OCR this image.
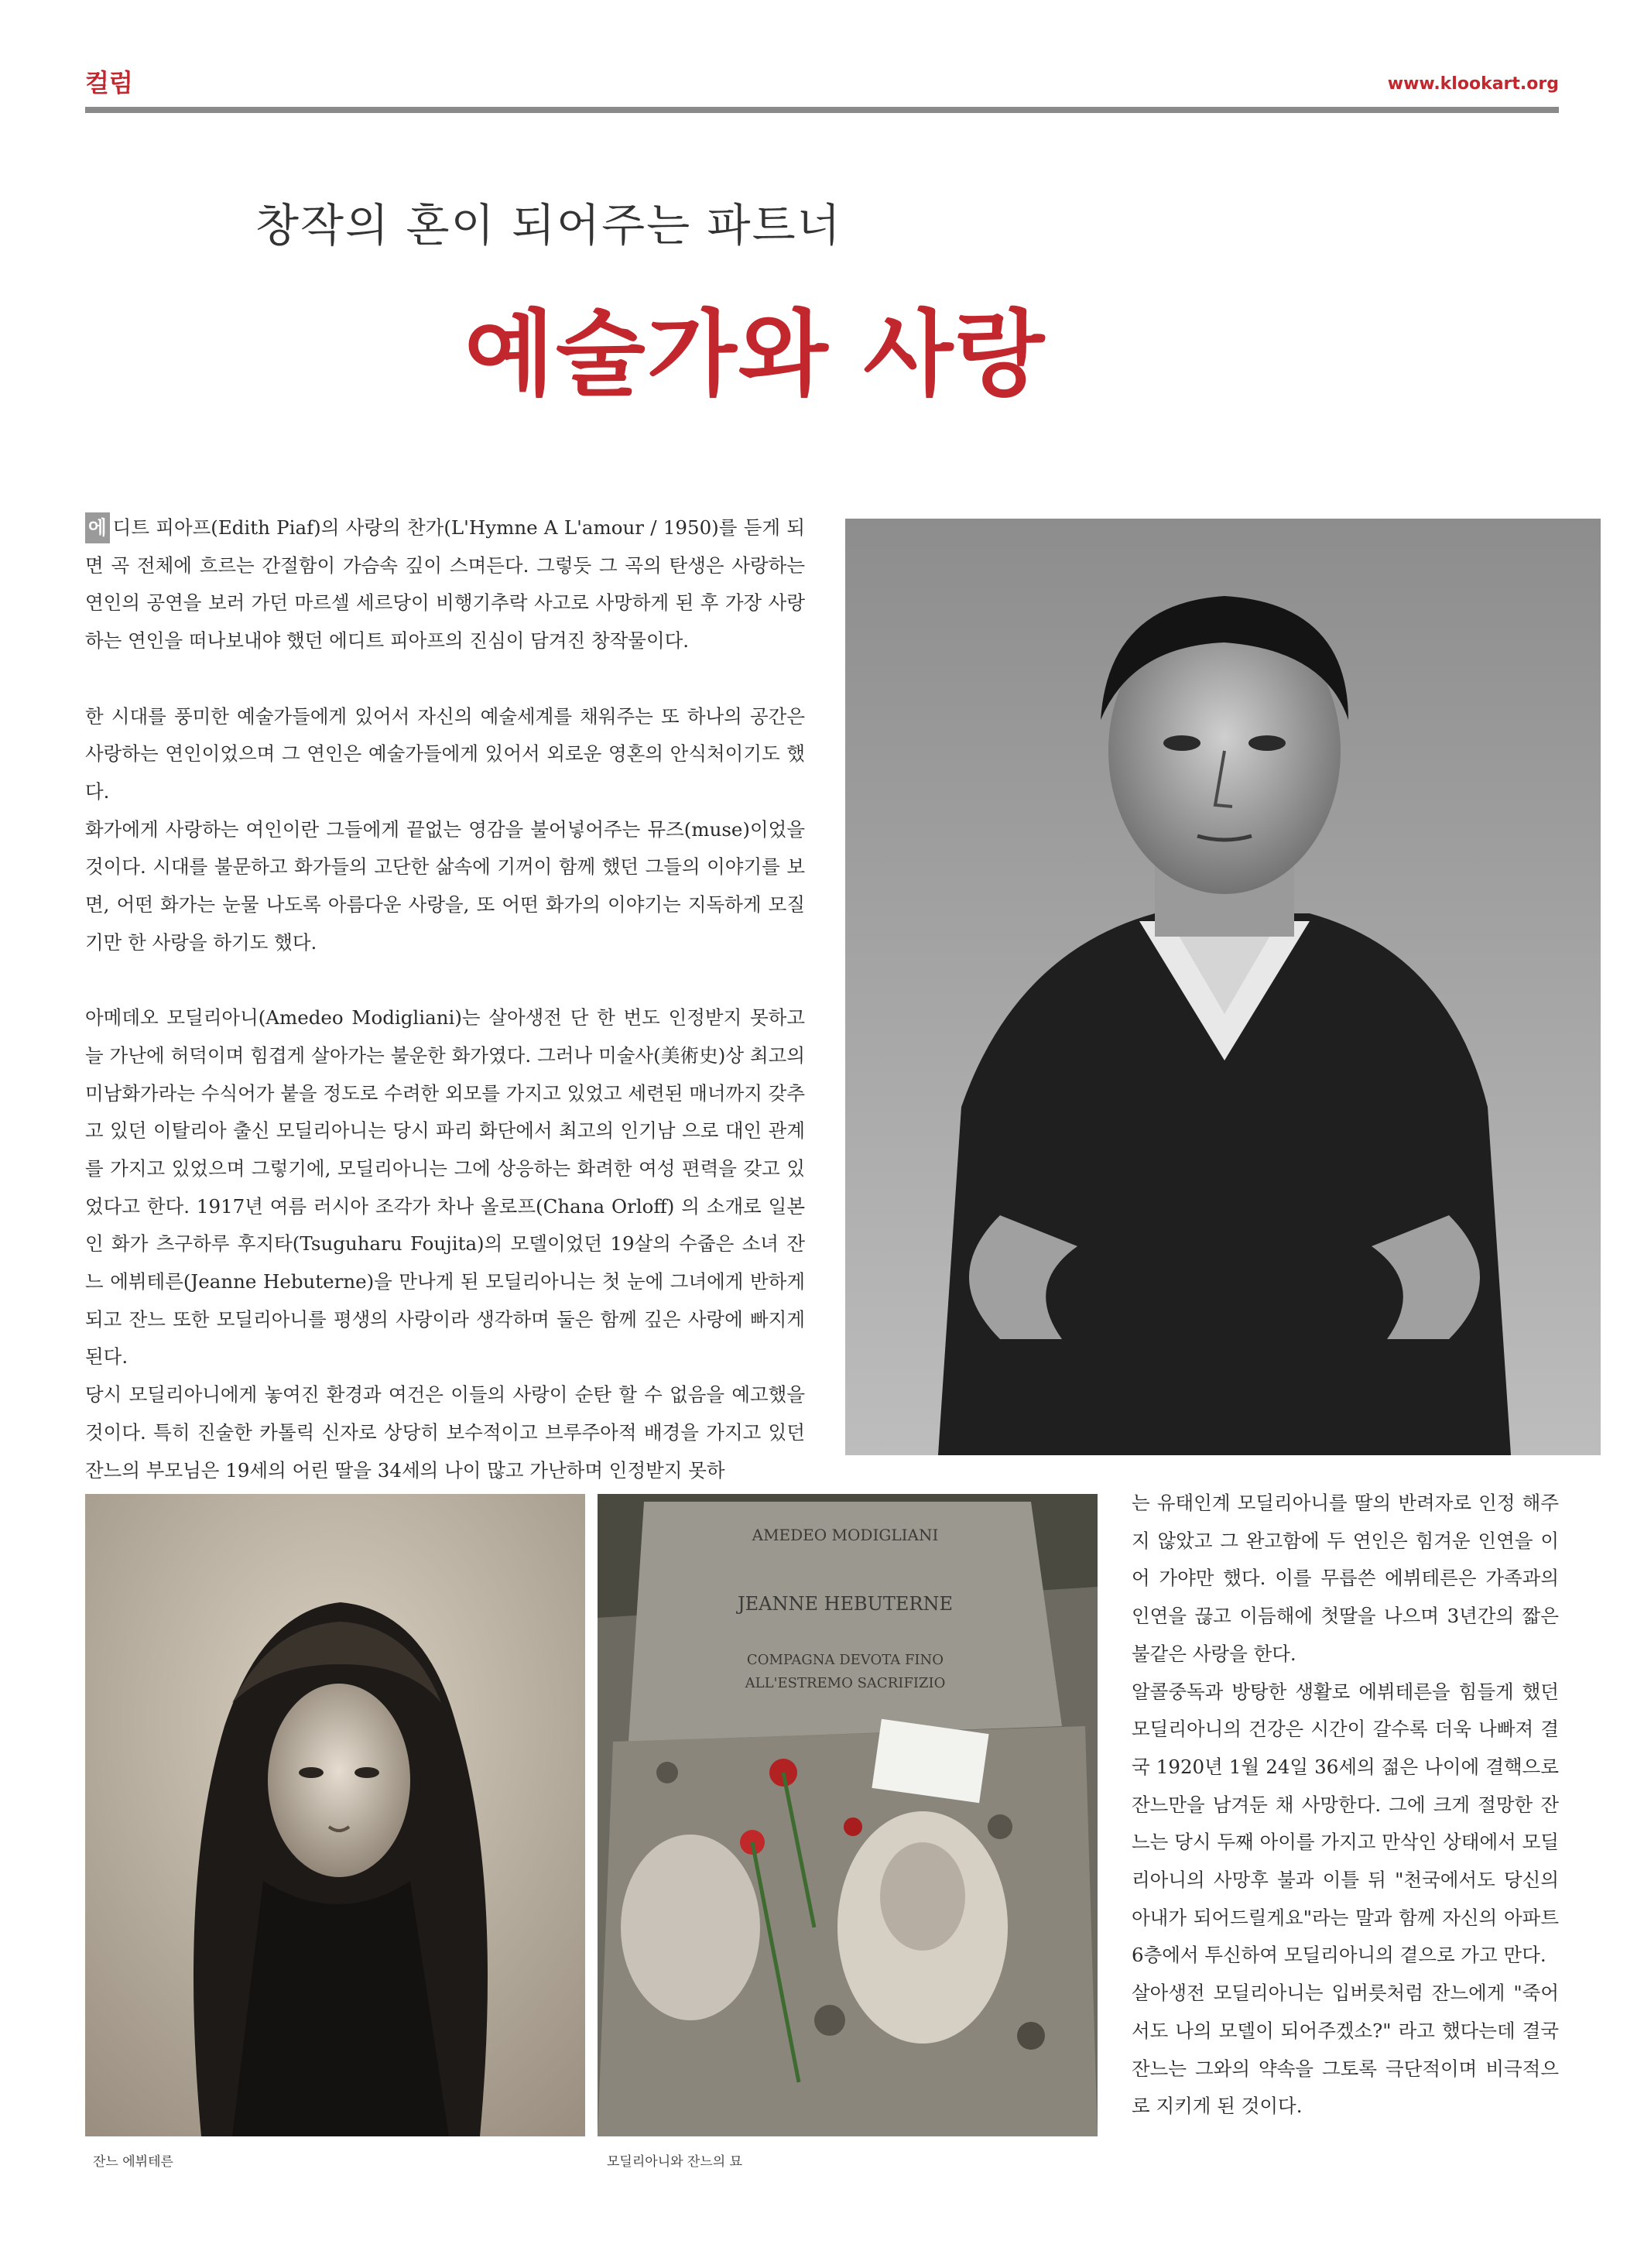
컬럼	www.klookart.org
창작의 혼이 되어주는 파트너
예술가와 사랑

에 디트 피아프(Edith Piaf)의 사랑의 찬가(L'Hymne A L'amour / 1950)를 듣게 되면 곡 전체에 흐르는 간절함이 가슴속 깊이 스며든다. 그렇듯 그 곡의 탄생은 사랑하는 연인의 공연을 보러 가던 마르셀 세르당이 비행기추락 사고로 사망하게 된 후 가장 사랑하는 연인을 떠나보내야 했던 에디트 피아프의 진심이 담겨진 창작물이다.

한 시대를 풍미한 예술가들에게 있어서 자신의 예술세계를 채워주는 또 하나의 공간은 사랑하는 연인이었으며 그 연인은 예술가들에게 있어서 외로운 영혼의 안식처이기도 했다.

화가에게 사랑하는 여인이란 그들에게 끝없는 영감을 불어넣어주는 뮤즈(muse)이었을 것이다. 시대를 불문하고 화가들의 고단한 삶속에 기꺼이 함께 했던 그들의 이야기를 보면, 어떤 화가는 눈물 나도록 아름다운 사랑을, 또 어떤 화가의 이야기는 지독하게 모질기만 한 사랑을 하기도 했다.

아메데오 모딜리아니(Amedeo Modigliani)는 살아생전 단 한 번도 인정받지 못하고 늘 가난에 허덕이며 힘겹게 살아가는 불운한 화가였다. 그러나 미술사(美術史)상 최고의 미남화가라는 수식어가 붙을 정도로 수려한 외모를 가지고 있었고 세련된 매너까지 갖추고 있던 이탈리아 출신 모딜리아니는 당시 파리 화단에서 최고의 인기남 으로 대인 관계를 가지고 있었으며 그렇기에, 모딜리아니는 그에 상응하는 화려한 여성 편력을 갖고 있었다고 한다. 1917년 여름 러시아 조각가 차나 올로프(Chana Orloff) 의 소개로 일본인 화가 츠구하루 후지타(Tsuguharu Foujita)의 모델이었던 19살의 수줍은 소녀 잔느 에뷔테른(Jeanne Hebuterne)을 만나게 된 모딜리아니는 첫 눈에 그녀에게 반하게 되고 잔느 또한 모딜리아니를 평생의 사랑이라 생각하며 둘은 함께 깊은 사랑에 빠지게 된다.

당시 모딜리아니에게 놓여진 환경과 여건은 이들의 사랑이 순탄 할 수 없음을 예고했을 것이다. 특히 진술한 카톨릭 신자로 상당히 보수적이고 브루주아적 배경을 가지고 있던 잔느의 부모님은 19세의 어린 딸을 34세의 나이 많고 가난하며 인정받지 못하

는 유태인계 모딜리아니를 딸의 반려자로 인정 해주지 않았고 그 완고함에 두 연인은 힘겨운 인연을 이어 가야만 했다. 이를 무릅쓴 에뷔테른은 가족과의 인연을 끊고 이듬해에 첫딸을 나으며 3년간의 짧은 불같은 사랑을 한다.

알콜중독과 방탕한 생활로 에뷔테른을 힘들게 했던 모딜리아니의 건강은 시간이 갈수록 더욱 나빠져 결국 1920년 1월 24일 36세의 젊은 나이에 결핵으로 잔느만을 남겨둔 채 사망한다. 그에 크게 절망한 잔느는 당시 두째 아이를 가지고 만삭인 상태에서 모딜리아니의 사망후 불과 이틀 뒤 "천국에서도 당신의 아내가 되어드릴게요"라는 말과 함께 자신의 아파트 6층에서 투신하여 모딜리아니의 곁으로 가고 만다.

살아생전 모딜리아니는 입버릇처럼 잔느에게 "죽어서도 나의 모델이 되어주겠소?" 라고 했다는데 결국 잔느는 그와의 약속을 그토록 극단적이며 비극적으로 지키게 된 것이다.

AMEDEO MODIGLIANI
JEANNE HEBUTERNE
COMPAGNA DEVOTA FINO
ALL'ESTREMO SACRIFIZIO
잔느 에뷔테른	모딜리아니와 잔느의 묘
